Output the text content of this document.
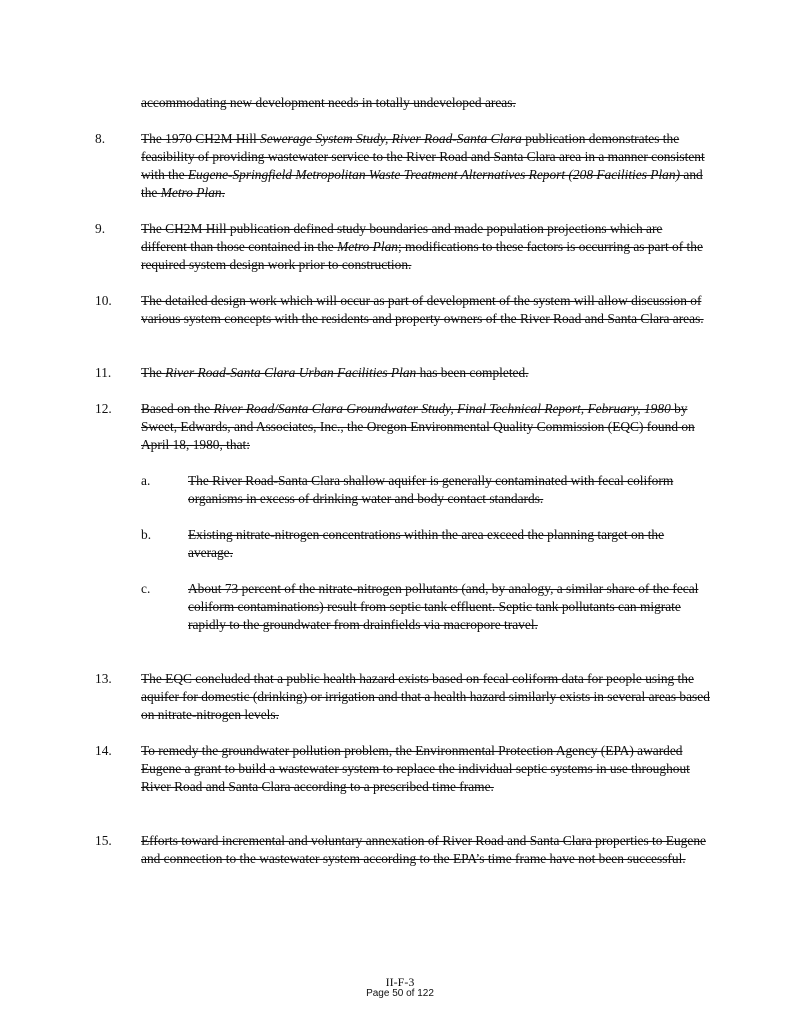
accommodating new development needs in totally undeveloped areas.
8.	The 1970 CH2M Hill Sewerage System Study, River Road-Santa Clara publication demonstrates the feasibility of providing wastewater service to the River Road and Santa Clara area in a manner consistent with the Eugene-Springfield Metropolitan Waste Treatment Alternatives Report (208 Facilities Plan) and the Metro Plan.
9.	The CH2M Hill publication defined study boundaries and made population projections which are different than those contained in the Metro Plan; modifications to these factors is occurring as part of the required system design work prior to construction.
10.	The detailed design work which will occur as part of development of the system will allow discussion of various system concepts with the residents and property owners of the River Road and Santa Clara areas.
11.	The River Road-Santa Clara Urban Facilities Plan has been completed.
12.	Based on the River Road/Santa Clara Groundwater Study, Final Technical Report, February, 1980 by Sweet, Edwards, and Associates, Inc., the Oregon Environmental Quality Commission (EQC) found on April 18, 1980, that:
a.	The River Road-Santa Clara shallow aquifer is generally contaminated with fecal coliform organisms in excess of drinking water and body contact standards.
b.	Existing nitrate-nitrogen concentrations within the area exceed the planning target on the average.
c.	About 73 percent of the nitrate-nitrogen pollutants (and, by analogy, a similar share of the fecal coliform contaminations) result from septic tank effluent. Septic tank pollutants can migrate rapidly to the groundwater from drainfields via macropore travel.
13.	The EQC concluded that a public health hazard exists based on fecal coliform data for people using the aquifer for domestic (drinking) or irrigation and that a health hazard similarly exists in several areas based on nitrate-nitrogen levels.
14.	To remedy the groundwater pollution problem, the Environmental Protection Agency (EPA) awarded Eugene a grant to build a wastewater system to replace the individual septic systems in use throughout River Road and Santa Clara according to a prescribed time frame.
15.	Efforts toward incremental and voluntary annexation of River Road and Santa Clara properties to Eugene and connection to the wastewater system according to the EPA’s time frame have not been successful.
II-F-3
Page 50 of 122
